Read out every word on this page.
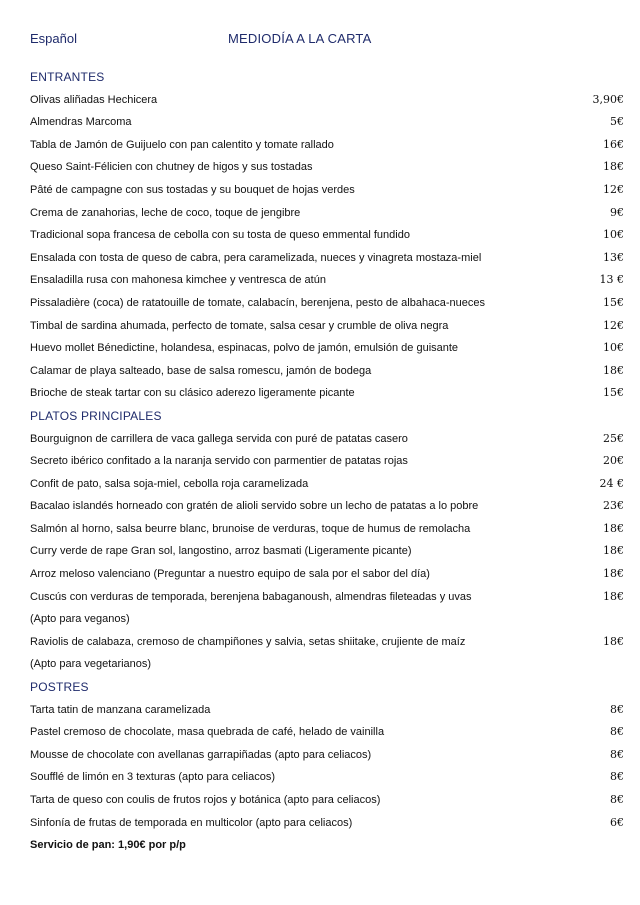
Español	MEDIODÍA A LA CARTA
ENTRANTES
Olivas aliñadas Hechicera	3,90€
Almendras Marcoma	5€
Tabla de Jamón de Guijuelo con pan calentito y tomate rallado	16€
Queso Saint-Félicien con chutney de higos y sus tostadas	18€
Pâté de campagne con sus tostadas y su bouquet de hojas verdes	12€
Crema de zanahorias, leche de coco, toque de jengibre	9€
Tradicional sopa francesa de cebolla con su tosta de queso emmental fundido	10€
Ensalada con tosta de queso de cabra, pera caramelizada, nueces y vinagreta mostaza-miel	13€
Ensaladilla rusa con mahonesa kimchee y ventresca de atún	13 €
Pissaladière (coca) de ratatouille de tomate, calabacín, berenjena, pesto de albahaca-nueces	15€
Timbal de sardina ahumada, perfecto de tomate, salsa cesar y crumble de oliva negra	12€
Huevo mollet Bénedictine, holandesa, espinacas, polvo de jamón, emulsión de guisante	10€
Calamar de playa salteado, base de salsa romescu, jamón de bodega	18€
Brioche de steak tartar con su clásico aderezo ligeramente picante	15€
PLATOS PRINCIPALES
Bourguignon de carrillera de vaca gallega servida con puré de patatas casero	25€
Secreto ibérico confitado a la naranja servido con parmentier de patatas rojas	20€
Confit de pato, salsa soja-miel, cebolla roja caramelizada	24 €
Bacalao islandés horneado con gratén de alioli servido sobre un lecho de patatas a lo pobre	23€
Salmón al horno, salsa beurre blanc, brunoise de verduras, toque de humus de remolacha	18€
Curry verde de rape Gran sol, langostino, arroz basmati (Ligeramente picante)	18€
Arroz meloso valenciano (Preguntar a nuestro equipo de sala por el sabor del día)	18€
Cuscús con verduras de temporada, berenjena babaganoush, almendras fileteadas y uvas	18€
(Apto para veganos)
Raviolis de calabaza, cremoso de champiñones y salvia, setas shiitake, crujiente de maíz	18€
(Apto para vegetarianos)
POSTRES
Tarta tatin de manzana caramelizada	8€
Pastel cremoso de chocolate, masa quebrada de café, helado de vainilla	8€
Mousse de chocolate con avellanas garrapiñadas (apto para celiacos)	8€
Soufflé de limón en 3 texturas (apto para celiacos)	8€
Tarta de queso con coulis de frutos rojos y botánica (apto para celiacos)	8€
Sinfonía de frutas de temporada en multicolor (apto para celiacos)	6€
Servicio de pan: 1,90€ por p/p
